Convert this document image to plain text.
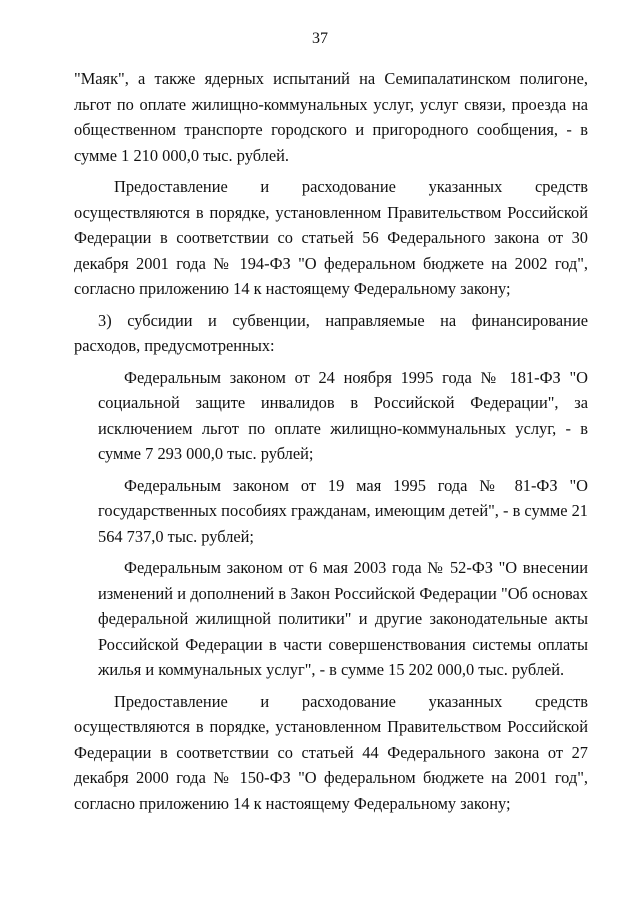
37

"Маяк", а также ядерных испытаний на Семипалатинском полигоне, льгот по оплате жилищно-коммунальных услуг, услуг связи, проезда на общественном транспорте городского и пригородного сообщения, - в сумме 1 210 000,0 тыс. рублей.

Предоставление и расходование указанных средств осуществляются в порядке, установленном Правительством Российской Федерации в соответствии со статьей 56 Федерального закона от 30 декабря 2001 года № 194-ФЗ "О федеральном бюджете на 2002 год", согласно приложению 14 к настоящему Федеральному закону;

3) субсидии и субвенции, направляемые на финансирование расходов, предусмотренных:

Федеральным законом от 24 ноября 1995 года № 181-ФЗ "О социальной защите инвалидов в Российской Федерации", за исключением льгот по оплате жилищно-коммунальных услуг, - в сумме 7 293 000,0 тыс. рублей;

Федеральным законом от 19 мая 1995 года № 81-ФЗ "О государственных пособиях гражданам, имеющим детей", - в сумме 21 564 737,0 тыс. рублей;

Федеральным законом от 6 мая 2003 года № 52-ФЗ "О внесении изменений и дополнений в Закон Российской Федерации "Об основах федеральной жилищной политики" и другие законодательные акты Российской Федерации в части совершенствования системы оплаты жилья и коммунальных услуг", - в сумме 15 202 000,0 тыс. рублей.

Предоставление и расходование указанных средств осуществляются в порядке, установленном Правительством Российской Федерации в соответствии со статьей 44 Федерального закона от 27 декабря 2000 года № 150-ФЗ "О федеральном бюджете на 2001 год", согласно приложению 14 к настоящему Федеральному закону;
